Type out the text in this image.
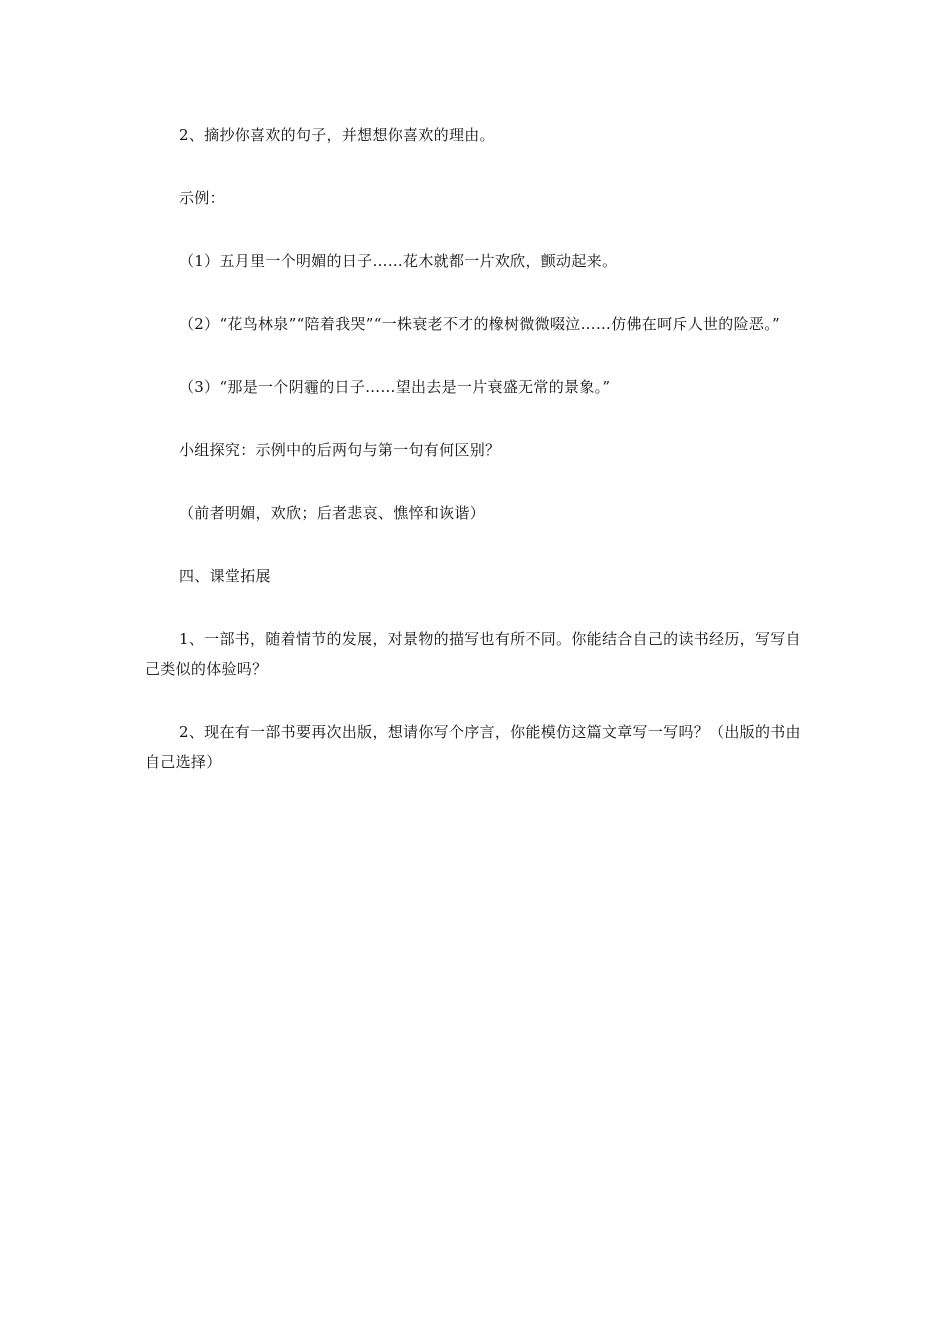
2、摘抄你喜欢的句子，并想想你喜欢的理由。

示例：

（1）五月里一个明媚的日子……花木就都一片欢欣，颤动起来。

（2）“花鸟林泉”“陪着我哭”“一株衰老不才的橡树微微啜泣……仿佛在呵斥人世的险恶。”

（3）“那是一个阴霾的日子……望出去是一片衰盛无常的景象。”

小组探究：示例中的后两句与第一句有何区别？

（前者明媚，欢欣；后者悲哀、憔悴和诙谐）

四、课堂拓展

1、一部书，随着情节的发展，对景物的描写也有所不同。你能结合自己的读书经历，写写自己类似的体验吗？

2、现在有一部书要再次出版，想请你写个序言，你能模仿这篇文章写一写吗？（出版的书由自己选择）
